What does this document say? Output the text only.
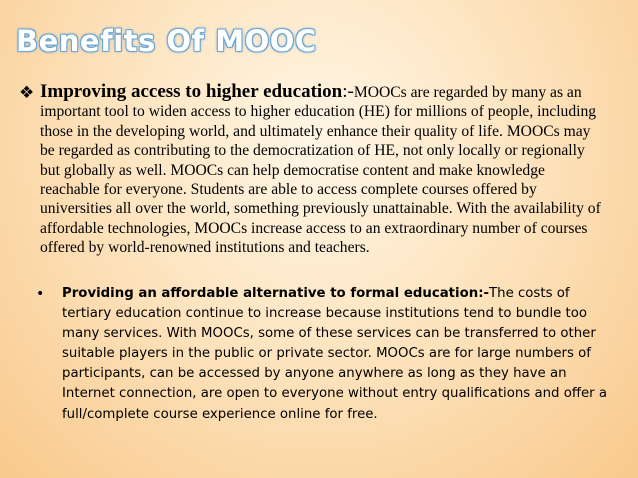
Benefits Of MOOC
❖ Improving access to higher education:-MOOCs are regarded by many as an important tool to widen access to higher education (HE) for millions of people, including those in the developing world, and ultimately enhance their quality of life. MOOCs may be regarded as contributing to the democratization of HE, not only locally or regionally but globally as well. MOOCs can help democratise content and make knowledge reachable for everyone. Students are able to access complete courses offered by universities all over the world, something previously unattainable. With the availability of affordable technologies, MOOCs increase access to an extraordinary number of courses offered by world-renowned institutions and teachers.
• Providing an affordable alternative to formal education:-The costs of tertiary education continue to increase because institutions tend to bundle too many services. With MOOCs, some of these services can be transferred to other suitable players in the public or private sector. MOOCs are for large numbers of participants, can be accessed by anyone anywhere as long as they have an Internet connection, are open to everyone without entry qualifications and offer a full/complete course experience online for free.
